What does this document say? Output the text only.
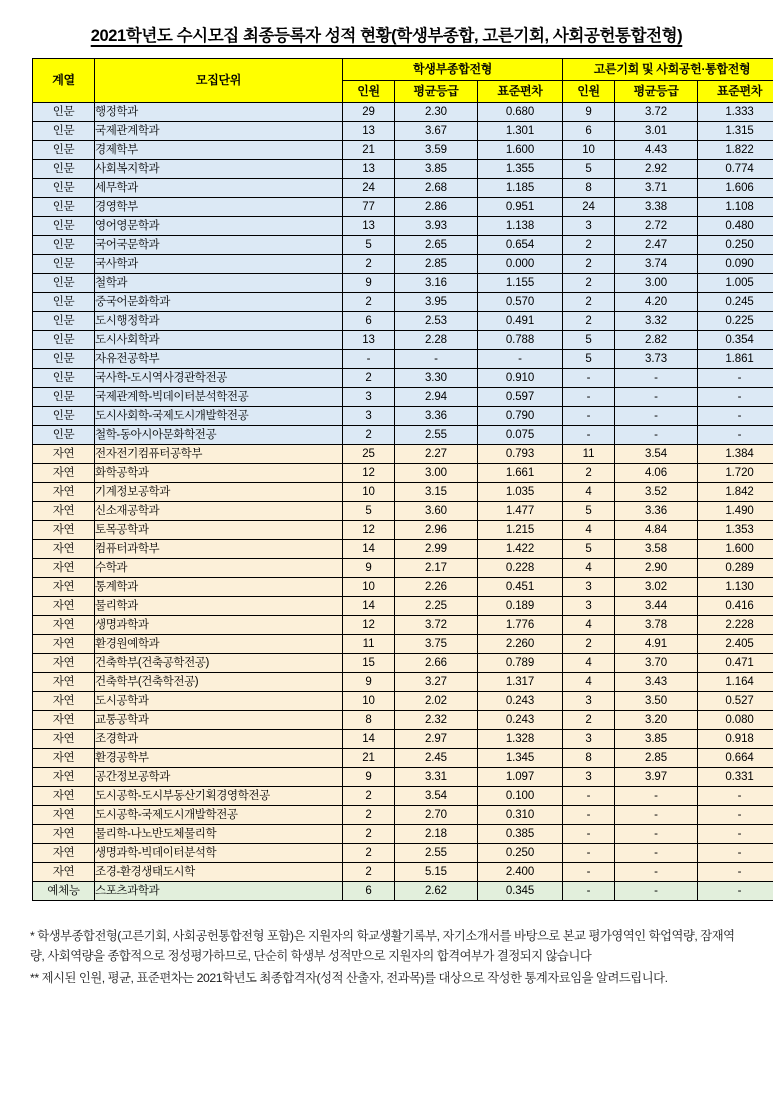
2021학년도 수시모집 최종등록자 성적 현황(학생부종합, 고른기회, 사회공헌통합전형)
계열	모집단위	학생부종합전형			고른기회 및 사회공헌·통합전형		
		인원	평균등급	표준편차	인원	평균등급	표준편차
인문	행정학과	29	2.30	0.680	9	3.72	1.333
인문	국제관계학과	13	3.67	1.301	6	3.01	1.315
인문	경제학부	21	3.59	1.600	10	4.43	1.822
인문	사회복지학과	13	3.85	1.355	5	2.92	0.774
인문	세무학과	24	2.68	1.185	8	3.71	1.606
인문	경영학부	77	2.86	0.951	24	3.38	1.108
인문	영어영문학과	13	3.93	1.138	3	2.72	0.480
인문	국어국문학과	5	2.65	0.654	2	2.47	0.250
인문	국사학과	2	2.85	0.000	2	3.74	0.090
인문	철학과	9	3.16	1.155	2	3.00	1.005
인문	중국어문화학과	2	3.95	0.570	2	4.20	0.245
인문	도시행정학과	6	2.53	0.491	2	3.32	0.225
인문	도시사회학과	13	2.28	0.788	5	2.82	0.354
인문	자유전공학부	-	-	-	5	3.73	1.861
인문	국사학-도시역사경관학전공	2	3.30	0.910	-	-	-
인문	국제관계학-빅데이터분석학전공	3	2.94	0.597	-	-	-
인문	도시사회학-국제도시개발학전공	3	3.36	0.790	-	-	-
인문	철학-동아시아문화학전공	2	2.55	0.075	-	-	-
자연	전자전기컴퓨터공학부	25	2.27	0.793	11	3.54	1.384
자연	화학공학과	12	3.00	1.661	2	4.06	1.720
자연	기계정보공학과	10	3.15	1.035	4	3.52	1.842
자연	신소재공학과	5	3.60	1.477	5	3.36	1.490
자연	토목공학과	12	2.96	1.215	4	4.84	1.353
자연	컴퓨터과학부	14	2.99	1.422	5	3.58	1.600
자연	수학과	9	2.17	0.228	4	2.90	0.289
자연	통계학과	10	2.26	0.451	3	3.02	1.130
자연	물리학과	14	2.25	0.189	3	3.44	0.416
자연	생명과학과	12	3.72	1.776	4	3.78	2.228
자연	환경원예학과	11	3.75	2.260	2	4.91	2.405
자연	건축학부(건축공학전공)	15	2.66	0.789	4	3.70	0.471
자연	건축학부(건축학전공)	9	3.27	1.317	4	3.43	1.164
자연	도시공학과	10	2.02	0.243	3	3.50	0.527
자연	교통공학과	8	2.32	0.243	2	3.20	0.080
자연	조경학과	14	2.97	1.328	3	3.85	0.918
자연	환경공학부	21	2.45	1.345	8	2.85	0.664
자연	공간정보공학과	9	3.31	1.097	3	3.97	0.331
자연	도시공학-도시부동산기획경영학전공	2	3.54	0.100	-	-	-
자연	도시공학-국제도시개발학전공	2	2.70	0.310	-	-	-
자연	물리학-나노반도체물리학	2	2.18	0.385	-	-	-
자연	생명과학-빅데이터분석학	2	2.55	0.250	-	-	-
자연	조경-환경생태도시학	2	5.15	2.400	-	-	-
예체능	스포츠과학과	6	2.62	0.345	-	-	-

* 학생부종합전형(고른기회, 사회공헌통합전형 포함)은 지원자의 학교생활기록부, 자기소개서를 바탕으로 본교 평가영역인 학업역량, 잠재역량, 사회역량을 종합적으로 정성평가하므로, 단순히 학생부 성적만으로 지원자의 합격여부가 결정되지 않습니다

** 제시된 인원, 평균, 표준편차는 2021학년도 최종합격자(성적 산출자, 전과목)를 대상으로 작성한 통계자료임을 알려드립니다.
